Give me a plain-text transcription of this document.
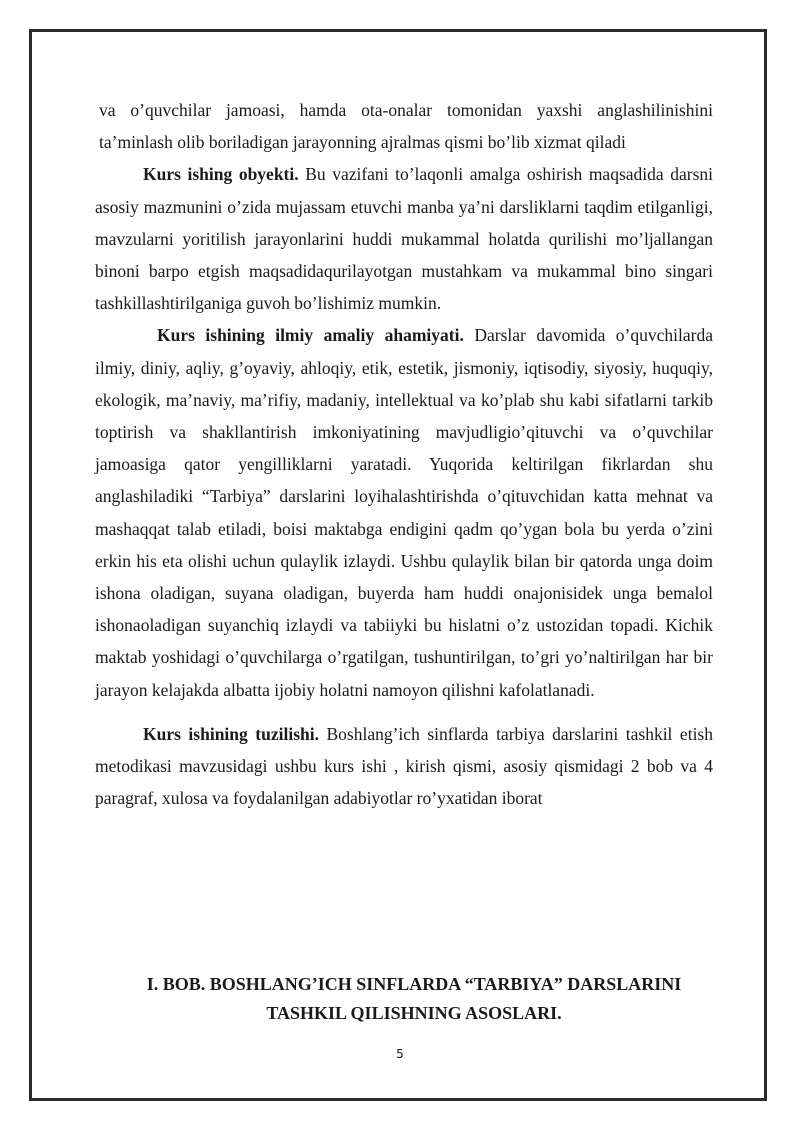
va o’quvchilar jamoasi, hamda ota-onalar tomonidan yaxshi anglashilinishini ta’minlash olib boriladigan jarayonning ajralmas qismi bo’lib xizmat qiladi

Kurs ishing obyekti. Bu vazifani to’laqonli amalga oshirish maqsadida darsni asosiy mazmunini o’zida mujassam etuvchi manba ya’ni darsliklarni taqdim etilganligi, mavzularni yoritilish jarayonlarini huddi mukammal holatda qurilishi mo’ljallangan binoni barpo etgish maqsadidaqurilayotgan mustahkam va mukammal bino singari tashkillashtirilganiga guvoh bo’lishimiz mumkin.

Kurs ishining ilmiy amaliy ahamiyati. Darslar davomida o’quvchilarda ilmiy, diniy, aqliy, g’oyaviy, ahloqiy, etik, estetik, jismoniy, iqtisodiy, siyosiy, huquqiy, ekologik, ma’naviy, ma’rifiy, madaniy, intellektual va ko’plab shu kabi sifatlarni tarkib toptirish va shakllantirish imkoniyatining mavjudligio’qituvchi va o’quvchilar jamoasiga qator yengilliklarni yaratadi. Yuqorida keltirilgan fikrlardan shu anglashiladiki “Tarbiya” darslarini loyihalashtirishda o’qituvchidan katta mehnat va mashaqqat talab etiladi, boisi maktabga endigini qadm qo’ygan bola bu yerda o’zini erkin his eta olishi uchun qulaylik izlaydi. Ushbu qulaylik bilan bir qatorda unga doim ishona oladigan, suyana oladigan, buyerda ham huddi onajonisidek unga bemalol ishonaoladigan suyanchiq izlaydi va tabiiyki bu hislatni o’z ustozidan topadi. Kichik maktab yoshidagi o’quvchilarga o’rgatilgan, tushuntirilgan, to’gri yo’naltirilgan har bir jarayon kelajakda albatta ijobiy holatni namoyon qilishni kafolatlanadi.

Kurs ishining tuzilishi. Boshlang’ich sinflarda tarbiya darslarini tashkil etish metodikasi mavzusidagi ushbu kurs ishi , kirish qismi, asosiy qismidagi 2 bob va 4 paragraf, xulosa va foydalanilgan adabiyotlar ro’yxatidan iborat

I. BOB. BOSHLANG’ICH SINFLARDA “TARBIYA” DARSLARINI
TASHKIL QILISHNING ASOSLARI.
5
